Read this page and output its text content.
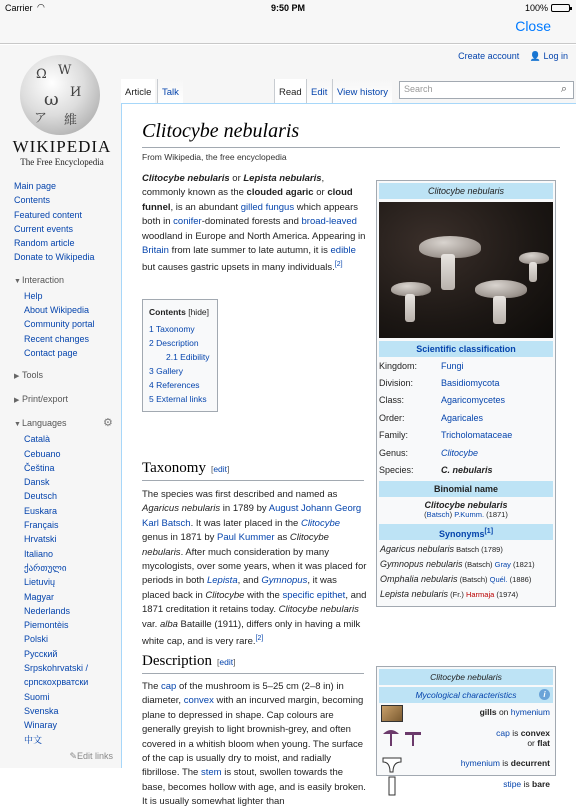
Carrier ◠	9:50 PM	100%
Close
Ω W
ω И
ア 維
WIKIPEDIA
The Free Encyclopedia
Main page
Contents
Featured content
Current events
Random article
Donate to Wikipedia
▼Interaction
Help
About Wikipedia
Community portal
Recent changes
Contact page
▶ Tools
▶ Print/export
▼Languages	⚙
Català
Cebuano
Čeština
Dansk
Deutsch
Euskara
Français
Hrvatski
Italiano
ქართული
Lietuvių
Magyar
Nederlands
Piemontèis
Polski
Русский
Srpskohrvatski / српскохрватски
Suomi
Svenska
Winaray
中文
✎Edit links
Article	Talk	Read Edit	View history	Search	⌕
Create account 👤 Log in
Clitocybe nebularis
From Wikipedia, the free encyclopedia
Clitocybe nebularis or Lepista nebularis, commonly known as the clouded agaric or cloud funnel, is an abundant gilled fungus which appears both in conifer-dominated forests and broad-leaved woodland in Europe and North America. Appearing in Britain from late summer to late autumn, it is edible but causes gastric upsets in many individuals.[2]
Contents [hide]
1 Taxonomy
2 Description
2.1 Edibility
3 Gallery
4 References
5 External links
Taxonomy [edit]
The species was first described and named as Agaricus nebularis in 1789 by August Johann Georg Karl Batsch. It was later placed in the Clitocybe genus in 1871 by Paul Kummer as Clitocybe nebularis. After much consideration by many mycologists, over some years, when it was placed for periods in both Lepista, and Gymnopus, it was placed back in Clitocybe with the specific epithet, and 1871 creditation it retains today. Clitocybe nebularis var. alba Bataille (1911), differs only in having a milk white cap, and is very rare.[2]
Description [edit]
The cap of the mushroom is 5–25 cm (2–8 in) in diameter, convex with an incurved margin, becoming plane to depressed in shape. Cap colours are generally greyish to light brownish-grey, and often covered in a whitish bloom when young. The surface of the cap is usually dry to moist, and radially fibrillose. The stem is stout, swollen towards the base, becomes hollow with age, and is easily broken. It is usually somewhat lighter than
Clitocybe nebularis
Scientific classification
Kingdom:	Fungi
Division:	Basidiomycota
Class:	Agaricomycetes
Order:	Agaricales
Family:	Tricholomataceae
Genus:	Clitocybe
Species:	C. nebularis
Binomial name
Clitocybe nebularis
(Batsch) P.Kumm. (1871)
Synonyms[1]
Agaricus nebularis Batsch (1789)
Gymnopus nebularis (Batsch) Gray (1821)
Omphalia nebularis (Batsch) Quél. (1886)
Lepista nebularis (Fr.) Harmaja (1974)
Clitocybe nebularis
Mycological characteristics	i
gills on hymenium
cap is convex
or flat
hymenium is decurrent
stipe is bare
